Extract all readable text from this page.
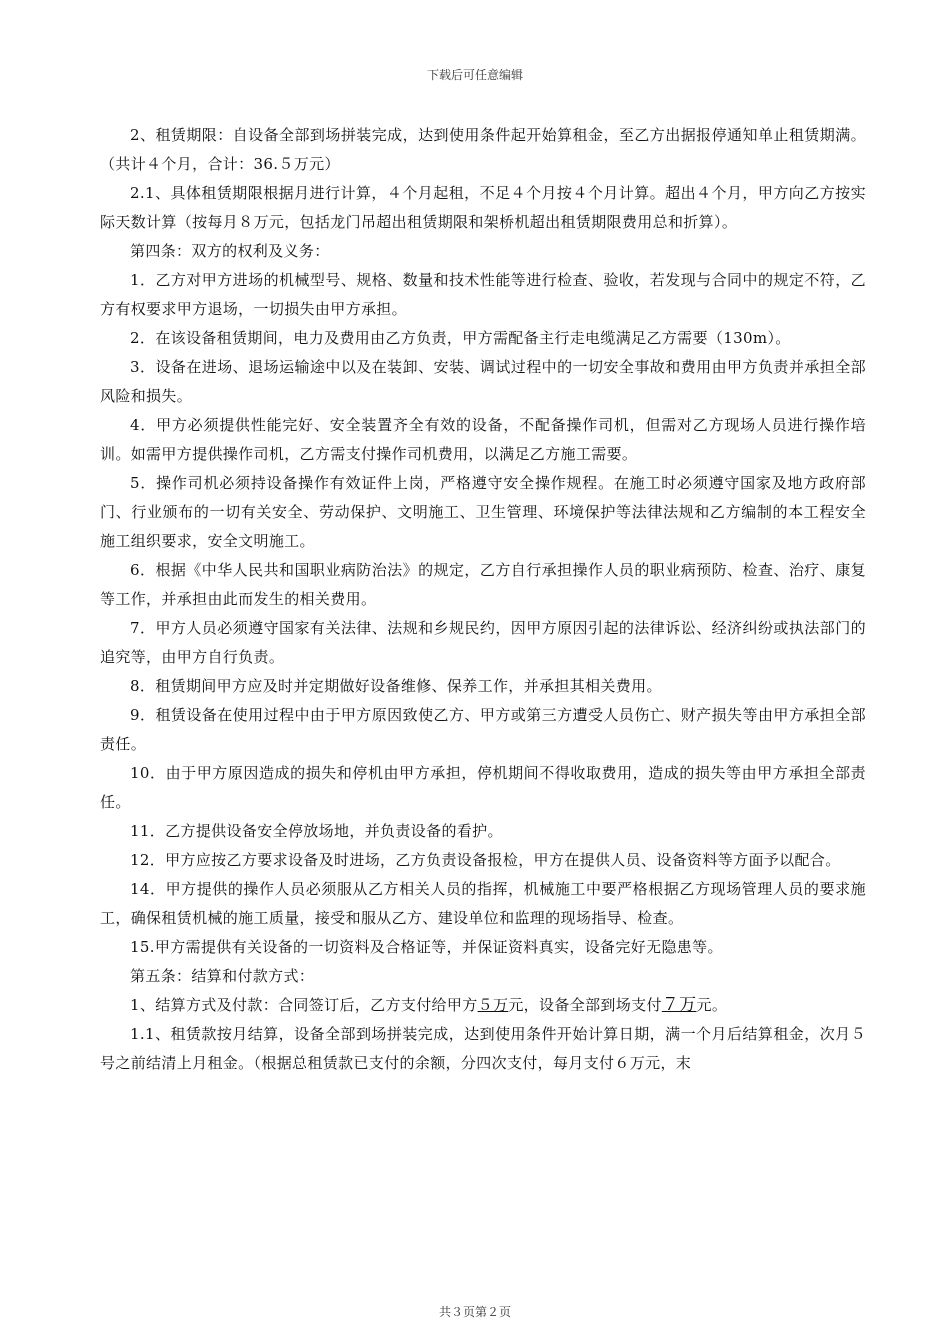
下载后可任意编辑

2、租赁期限：自设备全部到场拼装完成，达到使用条件起开始算租金，至乙方出据报停通知单止租赁期满。（共计４个月，合计：36.５万元）

2.1、具体租赁期限根据月进行计算，４个月起租，不足４个月按４个月计算。超出４个月，甲方向乙方按实际天数计算（按每月８万元，包括龙门吊超出租赁期限和架桥机超出租赁期限费用总和折算）。

第四条：双方的权利及义务：

1．乙方对甲方进场的机械型号、规格、数量和技术性能等进行检查、验收，若发现与合同中的规定不符，乙方有权要求甲方退场，一切损失由甲方承担。

2．在该设备租赁期间，电力及费用由乙方负责，甲方需配备主行走电缆满足乙方需要（130m）。

3．设备在进场、退场运输途中以及在装卸、安装、调试过程中的一切安全事故和费用由甲方负责并承担全部风险和损失。

4．甲方必须提供性能完好、安全装置齐全有效的设备，不配备操作司机，但需对乙方现场人员进行操作培训。如需甲方提供操作司机，乙方需支付操作司机费用，以满足乙方施工需要。

5．操作司机必须持设备操作有效证件上岗，严格遵守安全操作规程。在施工时必须遵守国家及地方政府部门、行业颁布的一切有关安全、劳动保护、文明施工、卫生管理、环境保护等法律法规和乙方编制的本工程安全施工组织要求，安全文明施工。

6．根据《中华人民共和国职业病防治法》的规定，乙方自行承担操作人员的职业病预防、检查、治疗、康复等工作，并承担由此而发生的相关费用。

7．甲方人员必须遵守国家有关法律、法规和乡规民约，因甲方原因引起的法律诉讼、经济纠纷或执法部门的追究等，由甲方自行负责。

8．租赁期间甲方应及时并定期做好设备维修、保养工作，并承担其相关费用。

9．租赁设备在使用过程中由于甲方原因致使乙方、甲方或第三方遭受人员伤亡、财产损失等由甲方承担全部责任。

10．由于甲方原因造成的损失和停机由甲方承担，停机期间不得收取费用，造成的损失等由甲方承担全部责任。

11．乙方提供设备安全停放场地，并负责设备的看护。

12．甲方应按乙方要求设备及时进场，乙方负责设备报检，甲方在提供人员、设备资料等方面予以配合。

14．甲方提供的操作人员必须服从乙方相关人员的指挥，机械施工中要严格根据乙方现场管理人员的要求施工，确保租赁机械的施工质量，接受和服从乙方、建设单位和监理的现场指导、检查。

15.甲方需提供有关设备的一切资料及合格证等，并保证资料真实，设备完好无隐患等。

第五条：结算和付款方式：

1、结算方式及付款：合同签订后，乙方支付给甲方５万元，设备全部到场支付７万元。

1.1、租赁款按月结算，设备全部到场拼装完成，达到使用条件开始计算日期，满一个月后结算租金，次月５号之前结清上月租金。（根据总租赁款已支付的余额，分四次支付，每月支付６万元，末

共３页第２页
